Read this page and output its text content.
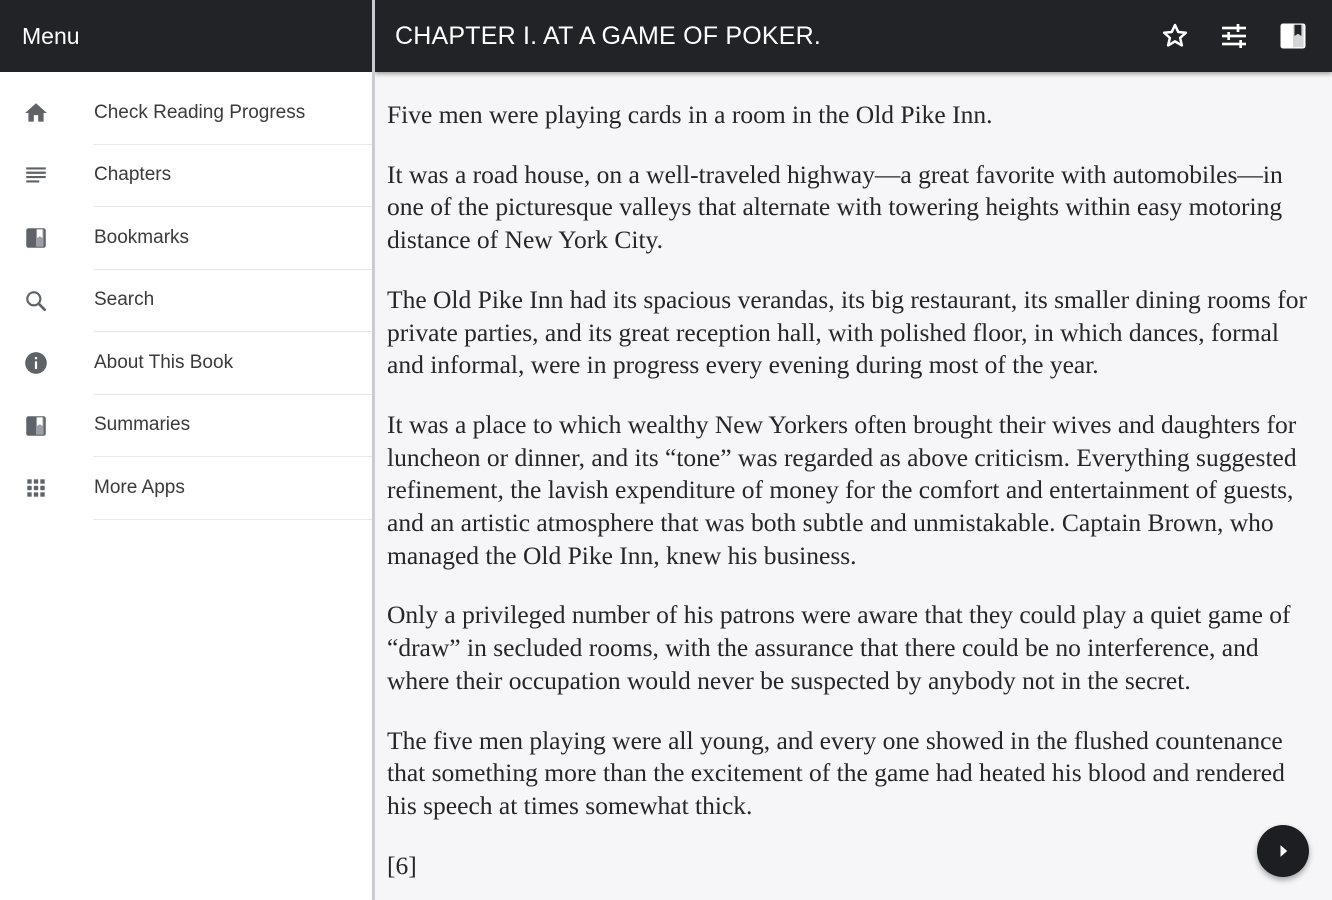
Menu
Check Reading Progress
Chapters
Bookmarks
Search
About This Book
Summaries
More Apps
CHAPTER I. AT A GAME OF POKER.

Five men were playing cards in a room in the Old Pike Inn.

It was a road house, on a well-traveled highway—a great favorite with automobiles—in one of the picturesque valleys that alternate with towering heights within easy motoring distance of New York City.

The Old Pike Inn had its spacious verandas, its big restaurant, its smaller dining rooms for private parties, and its great reception hall, with polished floor, in which dances, formal and informal, were in progress every evening during most of the year.

It was a place to which wealthy New Yorkers often brought their wives and daughters for luncheon or dinner, and its “tone” was regarded as above criticism. Everything suggested refinement, the lavish expenditure of money for the comfort and entertainment of guests, and an artistic atmosphere that was both subtle and unmistakable. Captain Brown, who managed the Old Pike Inn, knew his business.

Only a privileged number of his patrons were aware that they could play a quiet game of “draw” in secluded rooms, with the assurance that there could be no interference, and where their occupation would never be suspected by anybody not in the secret.

The five men playing were all young, and every one showed in the flushed countenance that something more than the excitement of the game had heated his blood and rendered his speech at times somewhat thick.

[6]
